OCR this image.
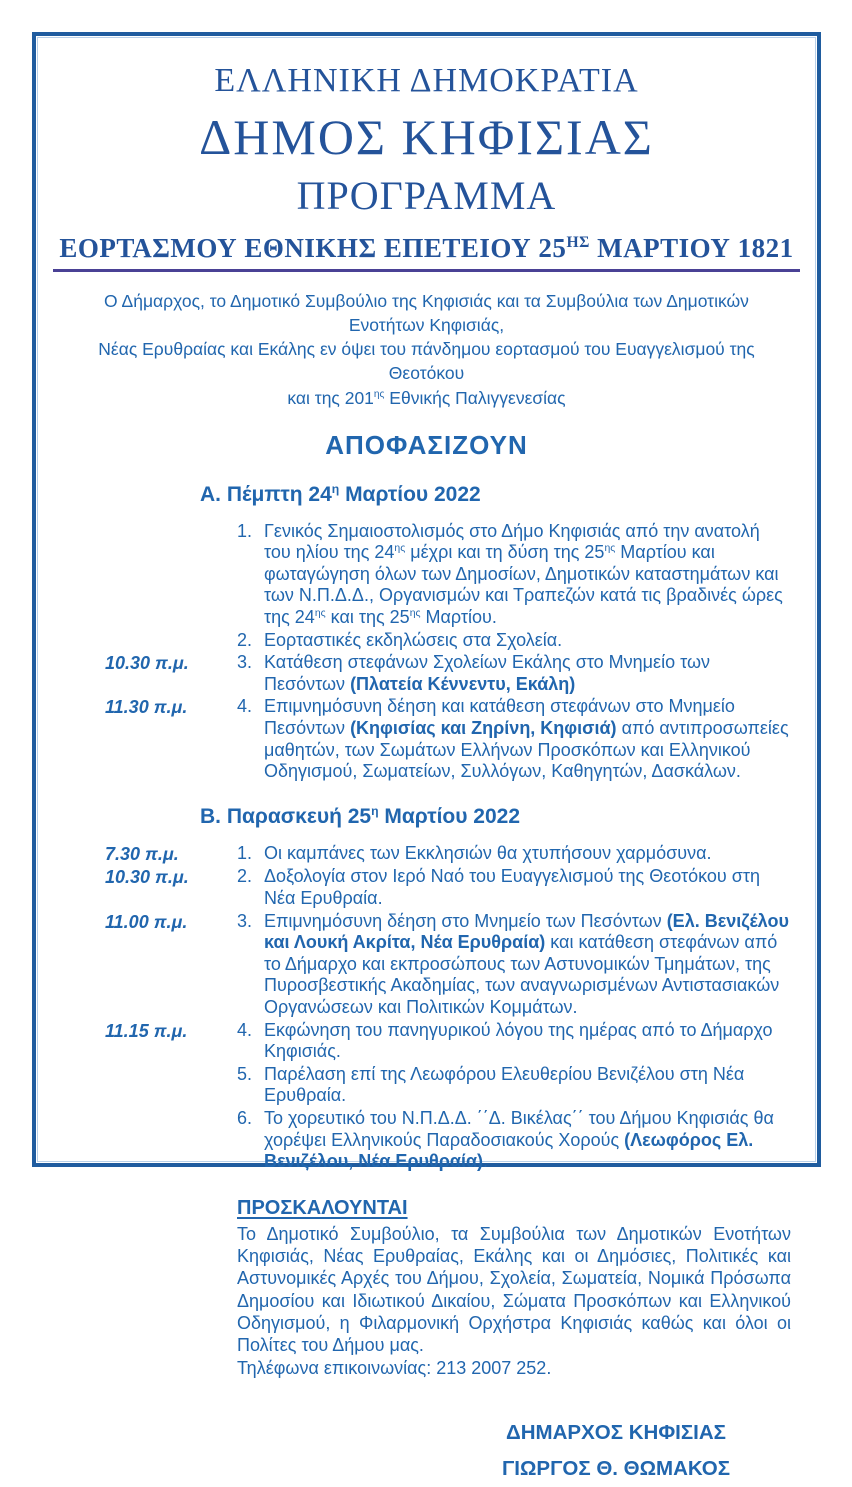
ΕΛΛΗΝΙΚΗ ΔΗΜΟΚΡΑΤΙΑ
ΔΗΜΟΣ ΚΗΦΙΣΙΑΣ
ΠΡΟΓΡΑΜΜΑ
ΕΟΡΤΑΣΜΟΥ ΕΘΝΙΚΗΣ ΕΠΕΤΕΙΟΥ $25^{H\Sigma}$ ΜΑΡΤΙΟΥ 1821

Ο Δήμαρχος, το Δημοτικό Συμβούλιο της Κηφισιάς και τα Συμβούλια των Δημοτικών Ενοτήτων Κηφισιάς,
Νέας Ερυθραίας και Εκάλης εν όψει του πάνδημου εορτασμού του Ευαγγελισμού της Θεοτόκου
και της $201^{\eta\varsigma}$ Εθνικής Παλιγγενεσίας

ΑΠΟΦΑΣΙΖΟΥΝ
Α. Πέμπτη $24^\eta$ Μαρτίου 2022
1. Γενικός Σημαιοστολισμός στο Δήμο Κηφισιάς από την ανατολή του ηλίου της $24^{\eta\varsigma}$ μέχρι και τη δύση της $25^{\eta\varsigma}$ Μαρτίου και φωταγώγηση όλων των Δημοσίων, Δημοτικών καταστημάτων και των Ν.Π.Δ.Δ., Οργανισμών και Τραπεζών κατά τις βραδινές ώρες της $24^{\eta\varsigma}$ και της $25^{\eta\varsigma}$ Μαρτίου.
2. Εορταστικές εκδηλώσεις στα Σχολεία.
10.30 π.μ.	3. Κατάθεση στεφάνων Σχολείων Εκάλης στο Μνημείο των Πεσόντων (Πλατεία Κέννεντυ, Εκάλη)
11.30 π.μ.	4. Επιμνημόσυνη δέηση και κατάθεση στεφάνων στο Μνημείο Πεσόντων (Κηφισίας και Ζηρίνη, Κηφισιά) από αντιπροσωπείες μαθητών, των Σωμάτων Ελλήνων Προσκόπων και Ελληνικού Οδηγισμού, Σωματείων, Συλλόγων, Καθηγητών, Δασκάλων.
Β. Παρασκευή $25^\eta$ Μαρτίου 2022
7.30 π.μ.	1. Οι καμπάνες των Εκκλησιών θα χτυπήσουν χαρμόσυνα.
10.30 π.μ.	2. Δοξολογία στον Ιερό Ναό του Ευαγγελισμού της Θεοτόκου στη Νέα Ερυθραία.
11.00 π.μ.	3. Επιμνημόσυνη δέηση στο Μνημείο των Πεσόντων (Ελ. Βενιζέλου και Λουκή Ακρίτα, Νέα Ερυθραία) και κατάθεση στεφάνων από το Δήμαρχο και εκπροσώπους των Αστυνομικών Τμημάτων, της Πυροσβεστικής Ακαδημίας, των αναγνωρισμένων Αντιστασιακών Οργανώσεων και Πολιτικών Κομμάτων.
11.15 π.μ.	4. Εκφώνηση του πανηγυρικού λόγου της ημέρας από το Δήμαρχο Κηφισιάς.
5. Παρέλαση επί της Λεωφόρου Ελευθερίου Βενιζέλου στη Νέα Ερυθραία.
6. Το χορευτικό του Ν.Π.Δ.Δ. ΄΄Δ. Βικέλας΄΄ του Δήμου Κηφισιάς θα χορέψει Ελληνικούς Παραδοσιακούς Χορούς (Λεωφόρος Ελ. Βενιζέλου, Νέα Ερυθραία).
ΠΡΟΣΚΑΛΟΥΝΤΑΙ

Το Δημοτικό Συμβούλιο, τα Συμβούλια των Δημοτικών Ενοτήτων Κηφισιάς, Νέας Ερυθραίας, Εκάλης και οι Δημόσιες, Πολιτικές και Αστυνομικές Αρχές του Δήμου, Σχολεία, Σωματεία, Νομικά Πρόσωπα Δημοσίου και Ιδιωτικού Δικαίου, Σώματα Προσκόπων και Ελληνικού Οδηγισμού, η Φιλαρμονική Ορχήστρα Κηφισιάς καθώς και όλοι οι Πολίτες του Δήμου μας.

Τηλέφωνα επικοινωνίας: 213 2007 252.

ΔΗΜΑΡΧΟΣ ΚΗΦΙΣΙΑΣ
ΓΙΩΡΓΟΣ Θ. ΘΩΜΑΚΟΣ
